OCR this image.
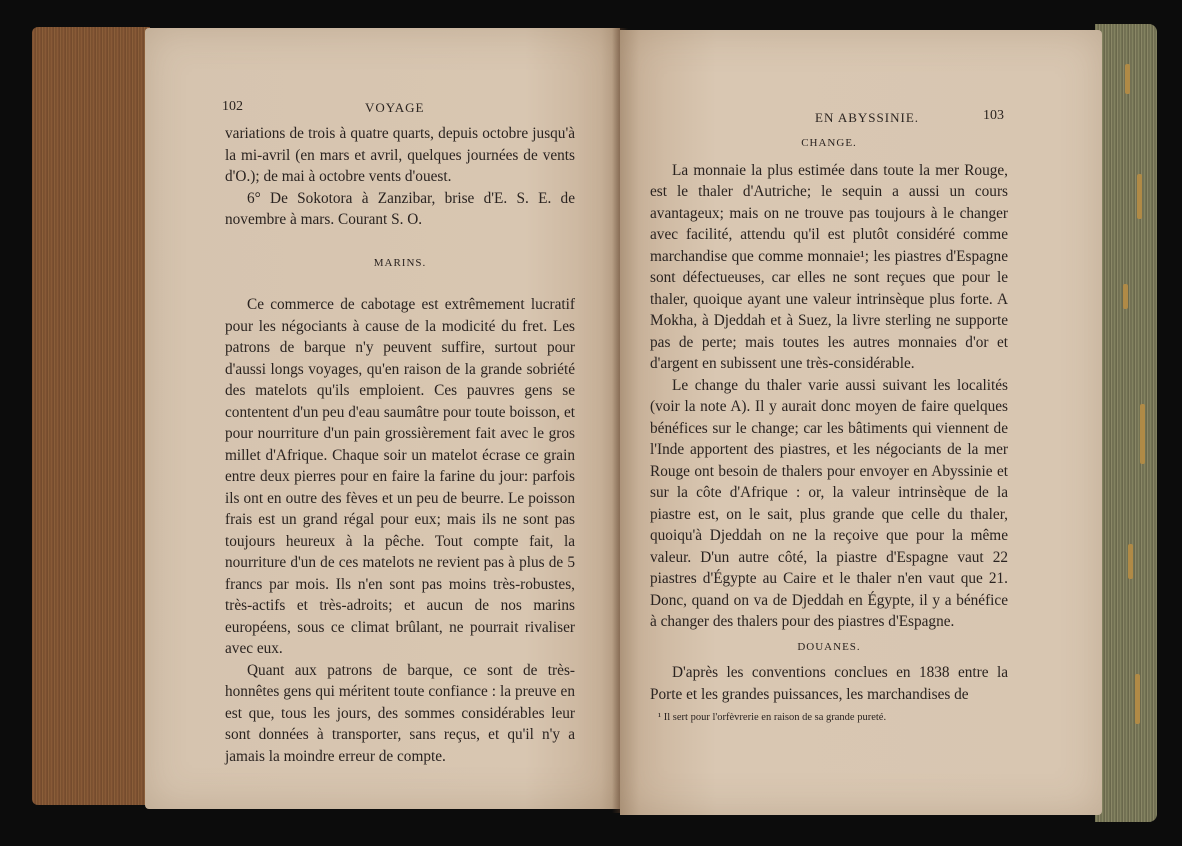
102	VOYAGE

variations de trois à quatre quarts, depuis octobre jusqu'à la mi-avril (en mars et avril, quelques journées de vents d'O.); de mai à octobre vents d'ouest.

6° De Sokotora à Zanzibar, brise d'E. S. E. de novembre à mars. Courant S. O.

MARINS.

Ce commerce de cabotage est extrêmement lucratif pour les négociants à cause de la modicité du fret. Les patrons de barque n'y peuvent suffire, surtout pour d'aussi longs voyages, qu'en raison de la grande sobriété des matelots qu'ils emploient. Ces pauvres gens se contentent d'un peu d'eau saumâtre pour toute boisson, et pour nourriture d'un pain grossièrement fait avec le gros millet d'Afrique. Chaque soir un matelot écrase ce grain entre deux pierres pour en faire la farine du jour: parfois ils ont en outre des fèves et un peu de beurre. Le poisson frais est un grand régal pour eux; mais ils ne sont pas toujours heureux à la pêche. Tout compte fait, la nourriture d'un de ces matelots ne revient pas à plus de 5 francs par mois. Ils n'en sont pas moins très-robustes, très-actifs et très-adroits; et aucun de nos marins européens, sous ce climat brûlant, ne pourrait rivaliser avec eux.

Quant aux patrons de barque, ce sont de très-honnêtes gens qui méritent toute confiance : la preuve en est que, tous les jours, des sommes considérables leur sont données à transporter, sans reçus, et qu'il n'y a jamais la moindre erreur de compte.

EN ABYSSINIE.	103

CHANGE.

La monnaie la plus estimée dans toute la mer Rouge, est le thaler d'Autriche; le sequin a aussi un cours avantageux; mais on ne trouve pas toujours à le changer avec facilité, attendu qu'il est plutôt considéré comme marchandise que comme monnaie¹; les piastres d'Espagne sont défectueuses, car elles ne sont reçues que pour le thaler, quoique ayant une valeur intrinsèque plus forte. A Mokha, à Djeddah et à Suez, la livre sterling ne supporte pas de perte; mais toutes les autres monnaies d'or et d'argent en subissent une très-considérable.

Le change du thaler varie aussi suivant les localités (voir la note A). Il y aurait donc moyen de faire quelques bénéfices sur le change; car les bâtiments qui viennent de l'Inde apportent des piastres, et les négociants de la mer Rouge ont besoin de thalers pour envoyer en Abyssinie et sur la côte d'Afrique : or, la valeur intrinsèque de la piastre est, on le sait, plus grande que celle du thaler, quoiqu'à Djeddah on ne la reçoive que pour la même valeur. D'un autre côté, la piastre d'Espagne vaut 22 piastres d'Égypte au Caire et le thaler n'en vaut que 21. Donc, quand on va de Djeddah en Égypte, il y a bénéfice à changer des thalers pour des piastres d'Espagne.

DOUANES.

D'après les conventions conclues en 1838 entre la Porte et les grandes puissances, les marchandises de

¹ Il sert pour l'orfèvrerie en raison de sa grande pureté.
